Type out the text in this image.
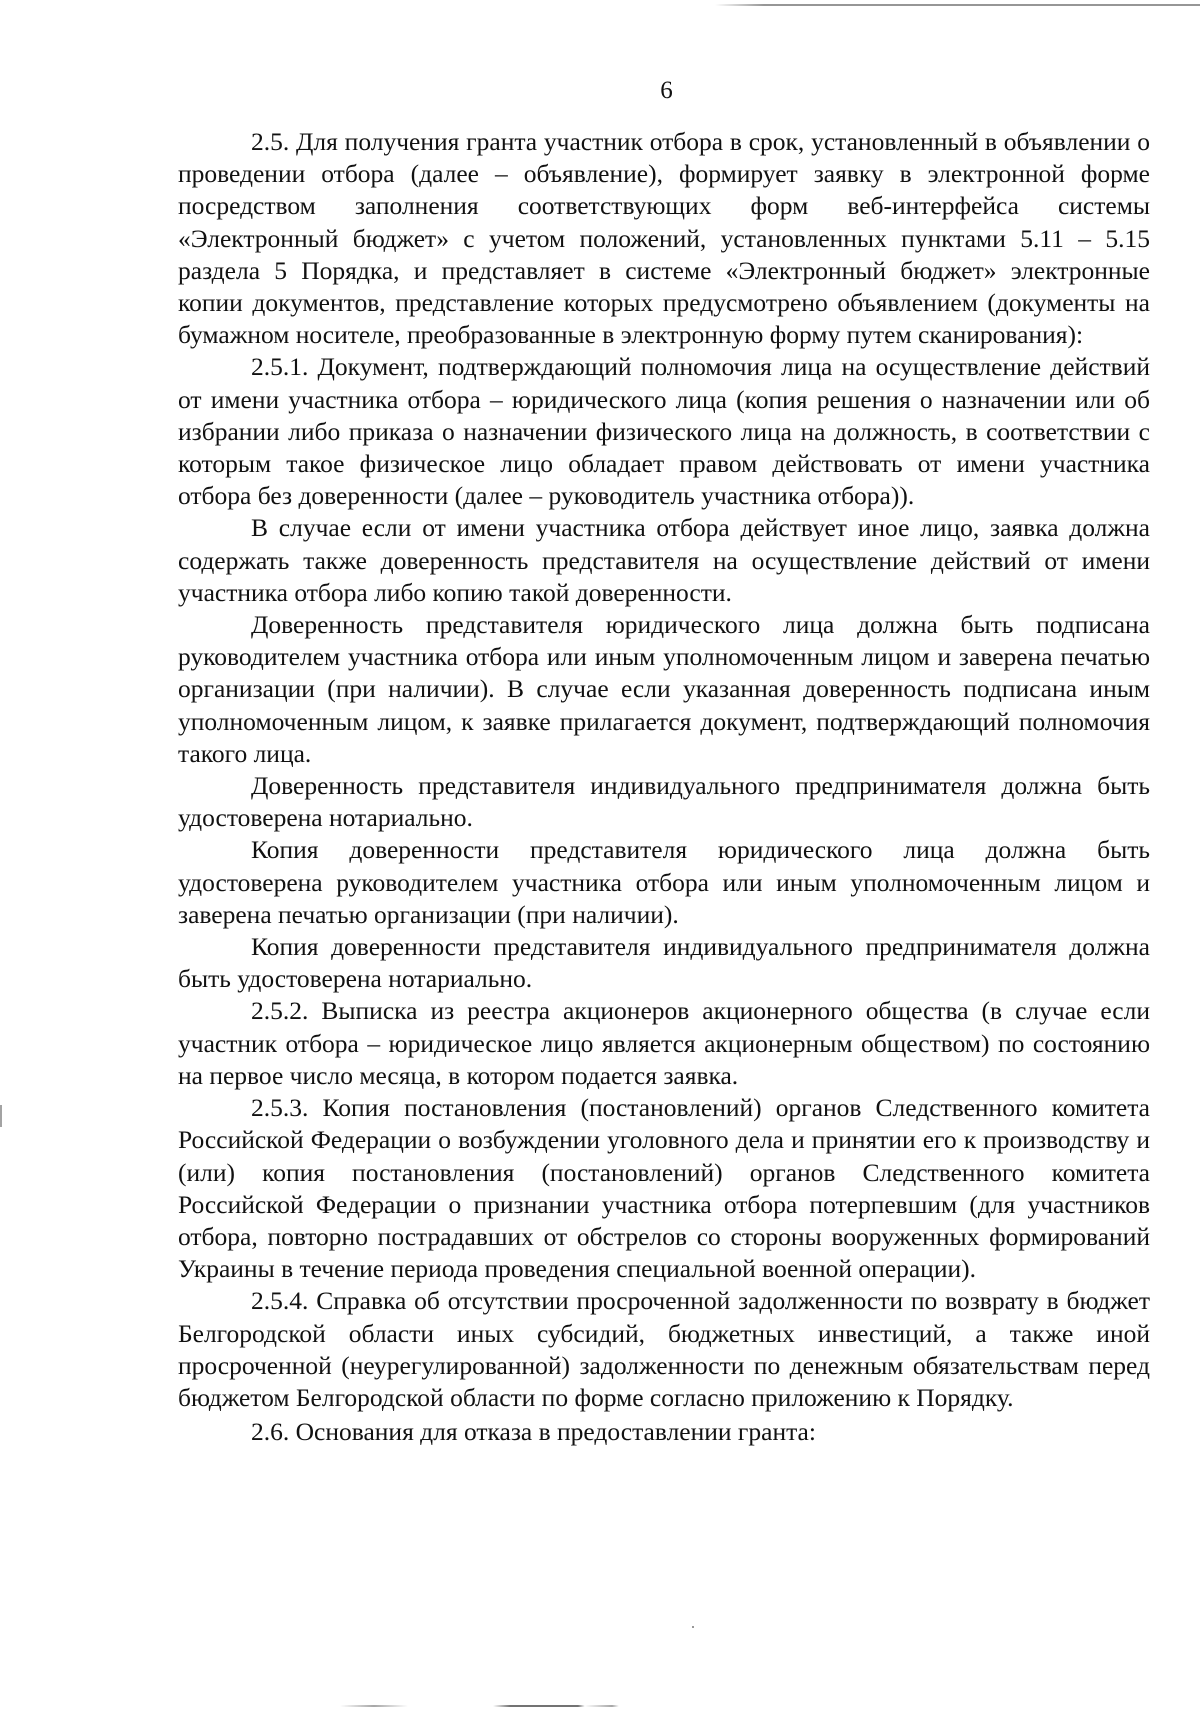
6

2.5. Для получения гранта участник отбора в срок, установленный в объявлении о проведении отбора (далее – объявление), формирует заявку в электронной форме посредством заполнения соответствующих форм веб-интерфейса системы «Электронный бюджет» с учетом положений, установленных пунктами 5.11 – 5.15 раздела 5 Порядка, и представляет в системе «Электронный бюджет» электронные копии документов, представление которых предусмотрено объявлением (документы на бумажном носителе, преобразованные в электронную форму путем сканирования):

2.5.1. Документ, подтверждающий полномочия лица на осуществление действий от имени участника отбора – юридического лица (копия решения о назначении или об избрании либо приказа о назначении физического лица на должность, в соответствии с которым такое физическое лицо обладает правом действовать от имени участника отбора без доверенности (далее – руководитель участника отбора)).

В случае если от имени участника отбора действует иное лицо, заявка должна содержать также доверенность представителя на осуществление действий от имени участника отбора либо копию такой доверенности.

Доверенность представителя юридического лица должна быть подписана руководителем участника отбора или иным уполномоченным лицом и заверена печатью организации (при наличии). В случае если указанная доверенность подписана иным уполномоченным лицом, к заявке прилагается документ, подтверждающий полномочия такого лица.

Доверенность представителя индивидуального предпринимателя должна быть удостоверена нотариально.

Копия доверенности представителя юридического лица должна быть удостоверена руководителем участника отбора или иным уполномоченным лицом и заверена печатью организации (при наличии).

Копия доверенности представителя индивидуального предпринимателя должна быть удостоверена нотариально.

2.5.2. Выписка из реестра акционеров акционерного общества (в случае если участник отбора – юридическое лицо является акционерным обществом) по состоянию на первое число месяца, в котором подается заявка.

2.5.3. Копия постановления (постановлений) органов Следственного комитета Российской Федерации о возбуждении уголовного дела и принятии его к производству и (или) копия постановления (постановлений) органов Следственного комитета Российской Федерации о признании участника отбора потерпевшим (для участников отбора, повторно пострадавших от обстрелов со стороны вооруженных формирований Украины в течение периода проведения специальной военной операции).

2.5.4. Справка об отсутствии просроченной задолженности по возврату в бюджет Белгородской области иных субсидий, бюджетных инвестиций, а также иной просроченной (неурегулированной) задолженности по денежным обязательствам перед бюджетом Белгородской области по форме согласно приложению к Порядку.

2.6. Основания для отказа в предоставлении гранта:
